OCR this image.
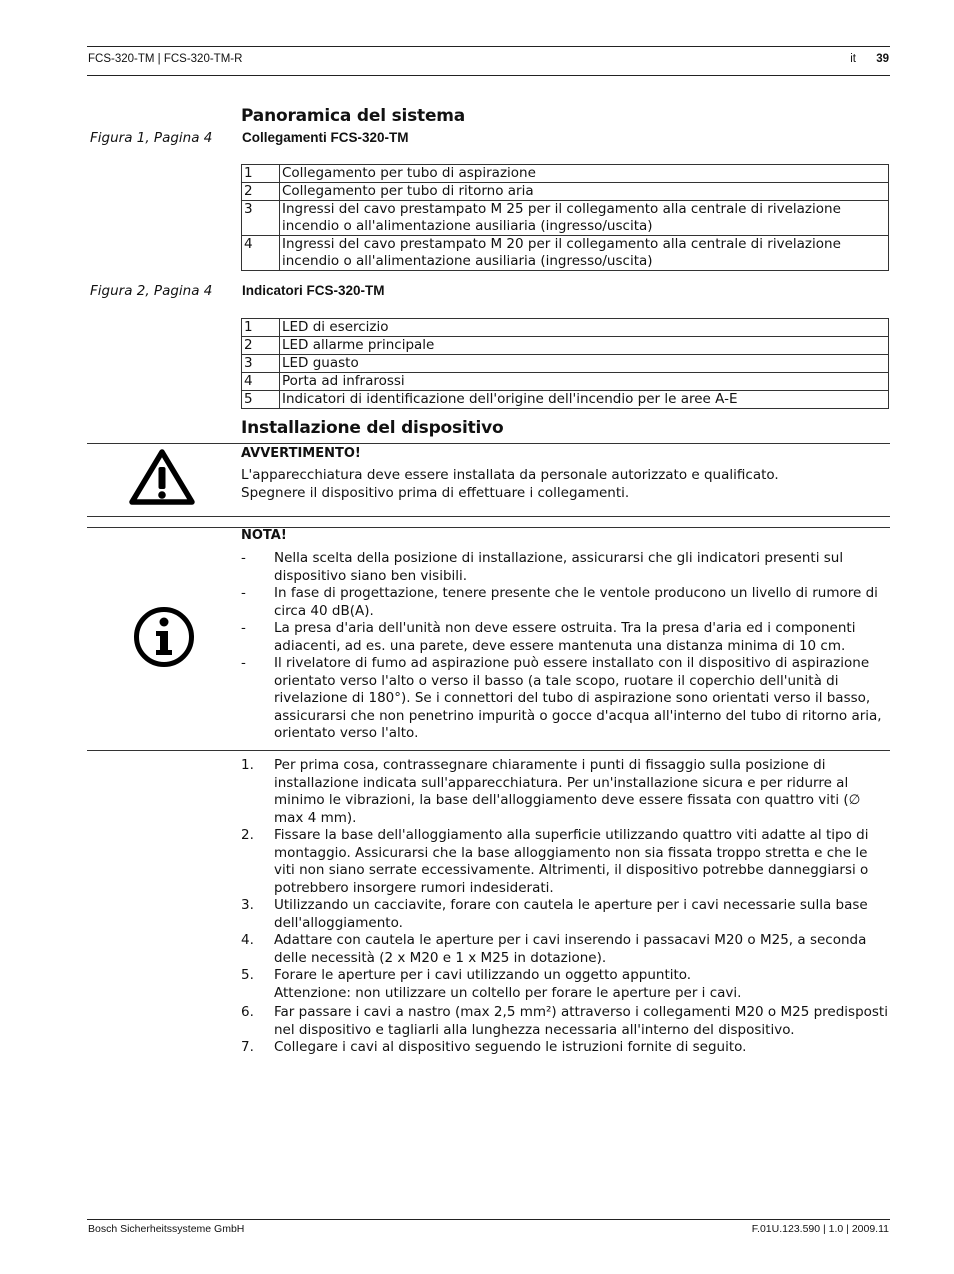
FCS-320-TM | FCS-320-TM-R	it 39
Panoramica del sistema
Figura 1, Pagina 4 Collegamenti FCS-320-TM
1	Collegamento per tubo di aspirazione
2	Collegamento per tubo di ritorno aria
3	Ingressi del cavo prestampato M 25 per il collegamento alla centrale di rivelazione incendio o all'alimentazione ausiliaria (ingresso/uscita)
4	Ingressi del cavo prestampato M 20 per il collegamento alla centrale di rivelazione incendio o all'alimentazione ausiliaria (ingresso/uscita)
Figura 2, Pagina 4 Indicatori FCS-320-TM
1	LED di esercizio
2	LED allarme principale
3	LED guasto
4	Porta ad infrarossi
5	Indicatori di identificazione dell'origine dell'incendio per le aree A-E
Installazione del dispositivo
AVVERTIMENTO!
L'apparecchiatura deve essere installata da personale autorizzato e qualificato.
Spegnere il dispositivo prima di effettuare i collegamenti.
NOTA!
- Nella scelta della posizione di installazione, assicurarsi che gli indicatori presenti sul dispositivo siano ben visibili.
- In fase di progettazione, tenere presente che le ventole producono un livello di rumore di circa 40 dB(A).
- La presa d'aria dell'unità non deve essere ostruita. Tra la presa d'aria ed i componenti adiacenti, ad es. una parete, deve essere mantenuta una distanza minima di 10 cm.
- Il rivelatore di fumo ad aspirazione può essere installato con il dispositivo di aspirazione orientato verso l'alto o verso il basso (a tale scopo, ruotare il coperchio dell'unità di rivelazione di 180°). Se i connettori del tubo di aspirazione sono orientati verso il basso, assicurarsi che non penetrino impurità o gocce d'acqua all'interno del tubo di ritorno aria, orientato verso l'alto.
1. Per prima cosa, contrassegnare chiaramente i punti di fissaggio sulla posizione di installazione indicata sull'apparecchiatura. Per un'installazione sicura e per ridurre al minimo le vibrazioni, la base dell'alloggiamento deve essere fissata con quattro viti (∅ max 4 mm).
2. Fissare la base dell'alloggiamento alla superficie utilizzando quattro viti adatte al tipo di montaggio. Assicurarsi che la base alloggiamento non sia fissata troppo stretta e che le viti non siano serrate eccessivamente. Altrimenti, il dispositivo potrebbe danneggiarsi o potrebbero insorgere rumori indesiderati.
3. Utilizzando un cacciavite, forare con cautela le aperture per i cavi necessarie sulla base dell'alloggiamento.
4. Adattare con cautela le aperture per i cavi inserendo i passacavi M20 o M25, a seconda delle necessità (2 x M20 e 1 x M25 in dotazione).
5. Forare le aperture per i cavi utilizzando un oggetto appuntito.
Attenzione: non utilizzare un coltello per forare le aperture per i cavi.
6. Far passare i cavi a nastro (max 2,5 mm²) attraverso i collegamenti M20 o M25 predisposti nel dispositivo e tagliarli alla lunghezza necessaria all'interno del dispositivo.
7. Collegare i cavi al dispositivo seguendo le istruzioni fornite di seguito.
Bosch Sicherheitssysteme GmbH	F.01U.123.590 | 1.0 | 2009.11
